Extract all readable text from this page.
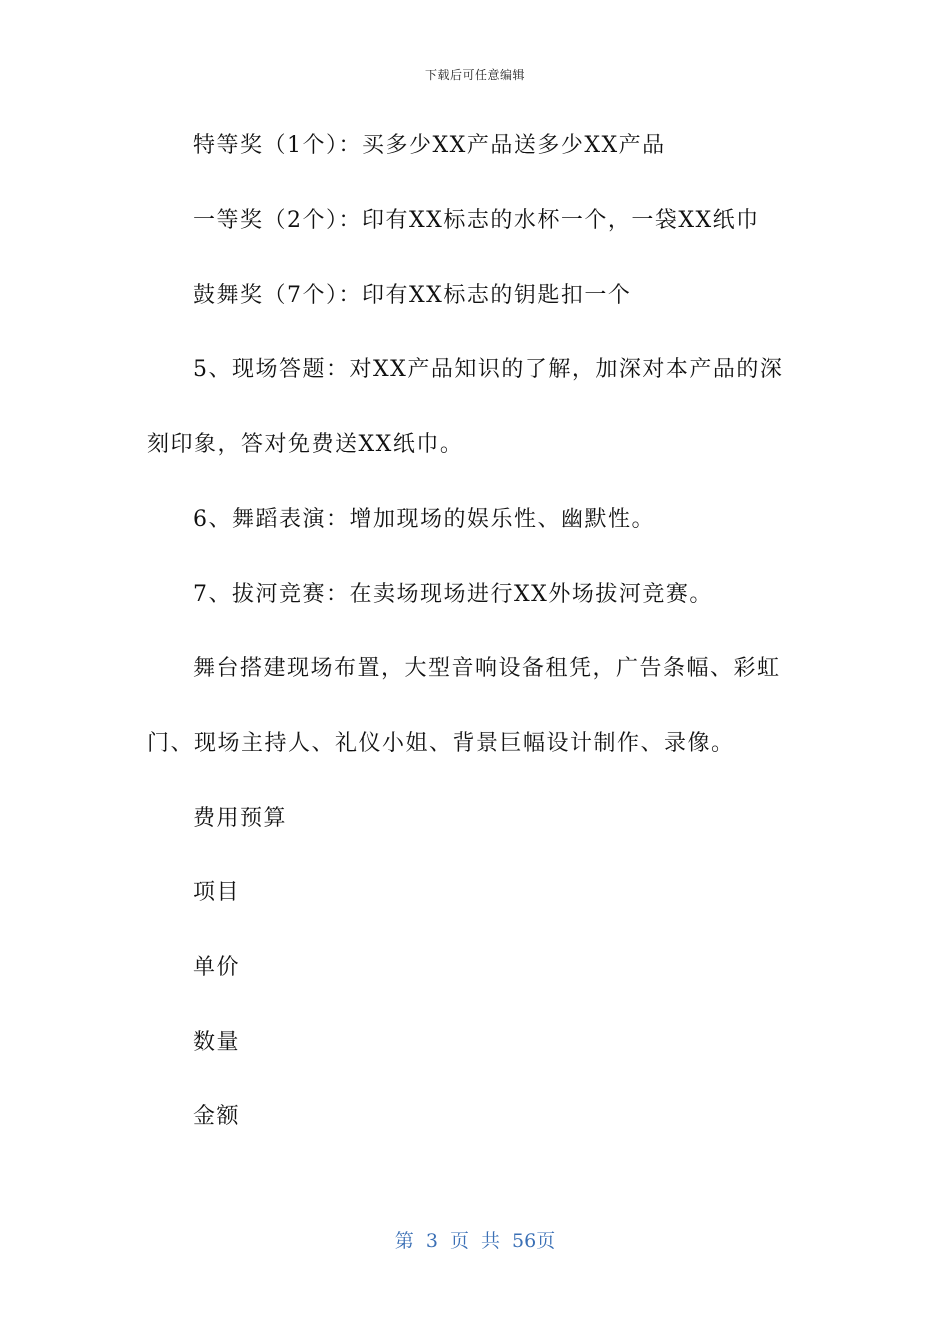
下载后可任意编辑
特等奖（1个）：买多少XX产品送多少XX产品
一等奖（2个）：印有XX标志的水杯一个，一袋XX纸巾
鼓舞奖（7个）：印有XX标志的钥匙扣一个
5、现场答题：对XX产品知识的了解，加深对本产品的深
刻印象，答对免费送XX纸巾。
6、舞蹈表演：增加现场的娱乐性、幽默性。
7、拔河竞赛：在卖场现场进行XX外场拔河竞赛。
舞台搭建现场布置，大型音响设备租凭，广告条幅、彩虹
门、现场主持人、礼仪小姐、背景巨幅设计制作、录像。
费用预算
项目
单价
数量
金额
第 3 页 共 56页
